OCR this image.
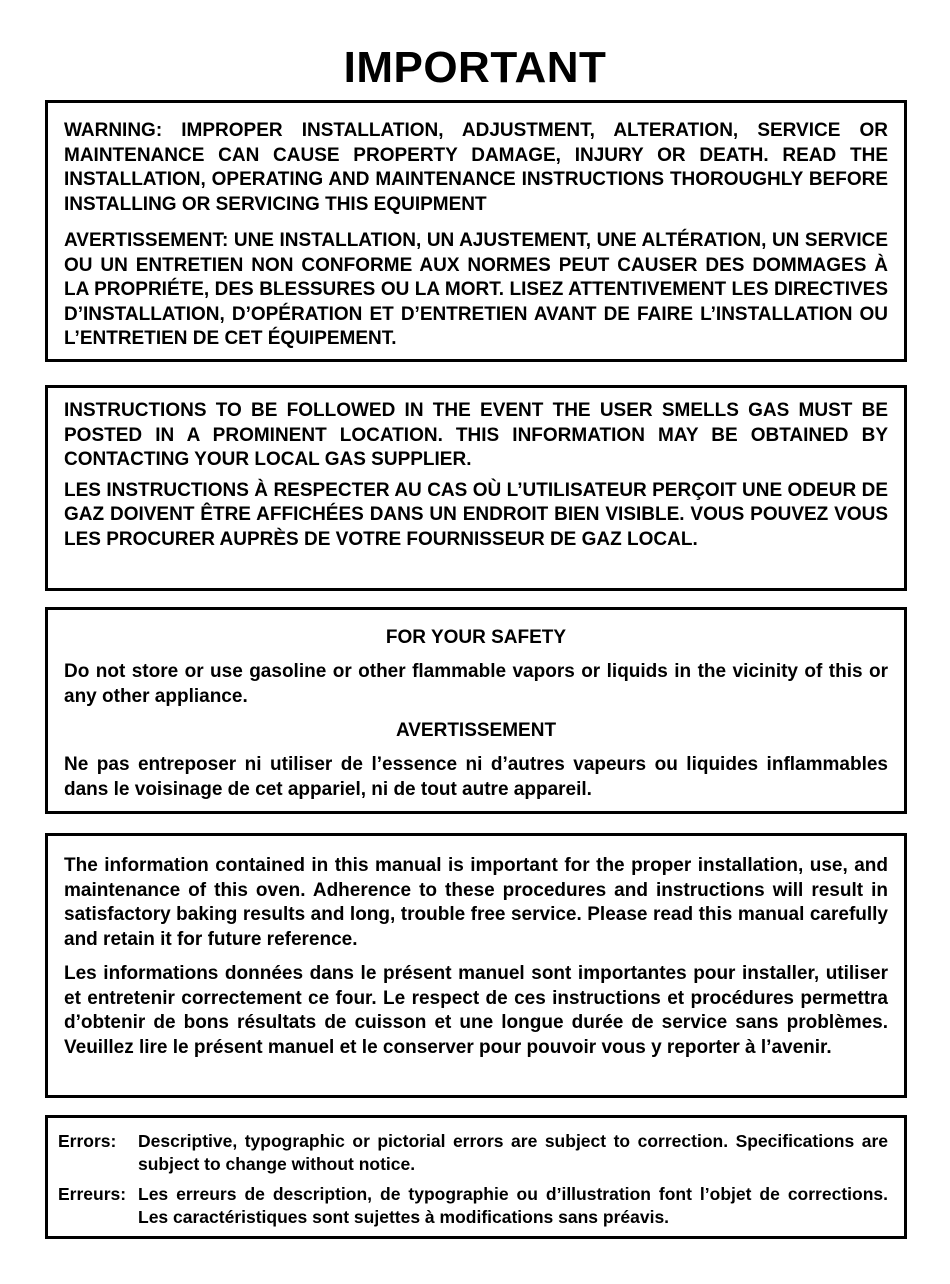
IMPORTANT

WARNING: IMPROPER INSTALLATION, ADJUSTMENT, ALTERATION, SERVICE OR MAINTENANCE CAN CAUSE PROPERTY DAMAGE, INJURY OR DEATH. READ THE INSTALLATION, OPERATING AND MAINTENANCE INSTRUCTIONS THOROUGHLY BEFORE INSTALLING OR SERVICING THIS EQUIPMENT

AVERTISSEMENT: UNE INSTALLATION, UN AJUSTEMENT, UNE ALTÉRATION, UN SERVICE OU UN ENTRETIEN NON CONFORME AUX NORMES PEUT CAUSER DES DOMMAGES À LA PROPRIÉTE, DES BLESSURES OU LA MORT. LISEZ ATTENTIVEMENT LES DIRECTIVES D’INSTALLATION, D’OPÉRATION ET D’ENTRETIEN AVANT DE FAIRE L’INSTALLATION OU L’ENTRETIEN DE CET ÉQUIPEMENT.

INSTRUCTIONS TO BE FOLLOWED IN THE EVENT THE USER SMELLS GAS MUST BE POSTED IN A PROMINENT LOCATION. THIS INFORMATION MAY BE OBTAINED BY CONTACTING YOUR LOCAL GAS SUPPLIER.

LES INSTRUCTIONS À RESPECTER AU CAS OÙ L’UTILISATEUR PERÇOIT UNE ODEUR DE GAZ DOIVENT ÊTRE AFFICHÉES DANS UN ENDROIT BIEN VISIBLE. VOUS POUVEZ VOUS LES PROCURER AUPRÈS DE VOTRE FOURNISSEUR DE GAZ LOCAL.

FOR YOUR SAFETY

Do not store or use gasoline or other flammable vapors or liquids in the vicinity of this or any other appliance.

AVERTISSEMENT

Ne pas entreposer ni utiliser de l’essence ni d’autres vapeurs ou liquides inflammables dans le voisinage de cet appariel, ni de tout autre appareil.

The information contained in this manual is important for the proper installation, use, and maintenance of this oven. Adherence to these procedures and instructions will result in satisfactory baking results and long, trouble free service. Please read this manual carefully and retain it for future reference.

Les informations données dans le présent manuel sont importantes pour installer, utiliser et entretenir correctement ce four. Le respect de ces instructions et procédures permettra d’obtenir de bons résultats de cuisson et une longue durée de service sans problèmes. Veuillez lire le présent manuel et le conserver pour pouvoir vous y reporter à l’avenir.

Errors:	Descriptive, typographic or pictorial errors are subject to correction. Specifications are subject to change without notice.
Erreurs: Les erreurs de description, de typographie ou d’illustration font l’objet de corrections. Les caractéristiques sont sujettes à modifications sans préavis.
